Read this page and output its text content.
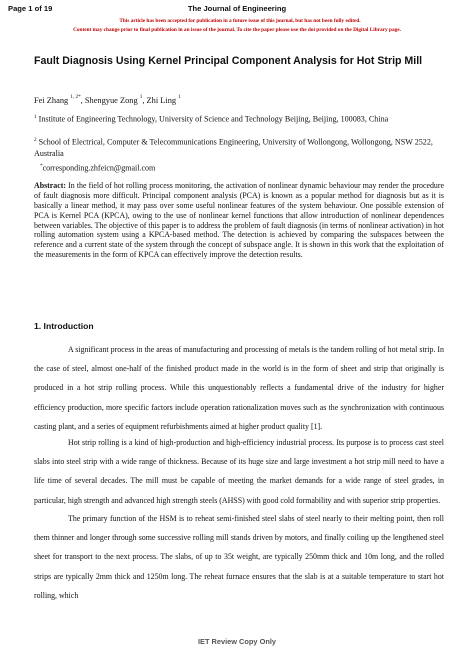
Page 1 of 19	The Journal of Engineering
This article has been accepted for publication in a future issue of this journal, but has not been fully edited.
Content may change prior to final publication in an issue of the journal. To cite the paper please use the doi provided on the Digital Library page.
Fault Diagnosis Using Kernel Principal Component Analysis for Hot Strip Mill
Fei Zhang $^{1, 2*}$, Shengyue Zong $^1$, Zhi Ling $^1$
$^1$ Institute of Engineering Technology, University of Science and Technology Beijing, Beijing, 100083, China
$^2$ School of Electrical, Computer & Telecommunications Engineering, University of Wollongong, Wollongong, NSW 2522, Australia
*corresponding.zhfeicn@gmail.com
Abstract: In the field of hot rolling process monitoring, the activation of nonlinear dynamic behaviour may render the procedure of fault diagnosis more difficult. Principal component analysis (PCA) is known as a popular method for diagnosis but as it is basically a linear method, it may pass over some useful nonlinear features of the system behaviour. One possible extension of PCA is Kernel PCA (KPCA), owing to the use of nonlinear kernel functions that allow introduction of nonlinear dependences between variables. The objective of this paper is to address the problem of fault diagnosis (in terms of nonlinear activation) in hot rolling automation system using a KPCA-based method. The detection is achieved by comparing the subspaces between the reference and a current state of the system through the concept of subspace angle. It is shown in this work that the exploitation of the measurements in the form of KPCA can effectively improve the detection results.
1. Introduction
A significant process in the areas of manufacturing and processing of metals is the tandem rolling of hot metal strip. In the case of steel, almost one-half of the finished product made in the world is in the form of sheet and strip that originally is produced in a hot strip rolling process. While this unquestionably reflects a fundamental drive of the industry for higher efficiency production, more specific factors include operation rationalization moves such as the synchronization with continuous casting plant, and a series of equipment refurbishments aimed at higher product quality [1].
Hot strip rolling is a kind of high-production and high-efficiency industrial process. Its purpose is to process cast steel slabs into steel strip with a wide range of thickness. Because of its huge size and large investment a hot strip mill need to have a life time of several decades. The mill must be capable of meeting the market demands for a wide range of steel grades, in particular, high strength and advanced high strength steels (AHSS) with good cold formability and with superior strip properties.
The primary function of the HSM is to reheat semi-finished steel slabs of steel nearly to their melting point, then roll them thinner and longer through some successive rolling mill stands driven by motors, and finally coiling up the lengthened steel sheet for transport to the next process. The slabs, of up to 35t weight, are typically 250mm thick and 10m long, and the rolled strips are typically 2mm thick and 1250m long. The reheat furnace ensures that the slab is at a suitable temperature to start hot rolling, which
IET Review Copy Only
